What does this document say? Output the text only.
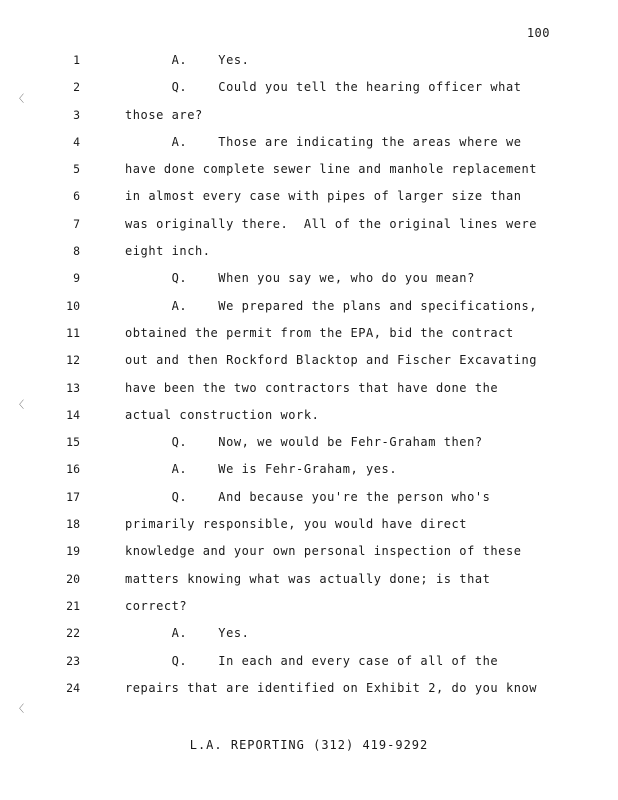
100
〈
〈
〈
1	A.    Yes.
2	Q.    Could you tell the hearing officer what
3	those are?
4	A.    Those are indicating the areas where we
5	have done complete sewer line and manhole replacement
6	in almost every case with pipes of larger size than
7	was originally there.  All of the original lines were
8	eight inch.
9	Q.    When you say we, who do you mean?
10	A.    We prepared the plans and specifications,
11	obtained the permit from the EPA, bid the contract
12	out and then Rockford Blacktop and Fischer Excavating
13	have been the two contractors that have done the
14	actual construction work.
15	Q.    Now, we would be Fehr-Graham then?
16	A.    We is Fehr-Graham, yes.
17	Q.    And because you're the person who's
18	primarily responsible, you would have direct
19	knowledge and your own personal inspection of these
20	matters knowing what was actually done; is that
21	correct?
22	A.    Yes.
23	Q.    In each and every case of all of the
24	repairs that are identified on Exhibit 2, do you know
L.A. REPORTING (312) 419-9292
